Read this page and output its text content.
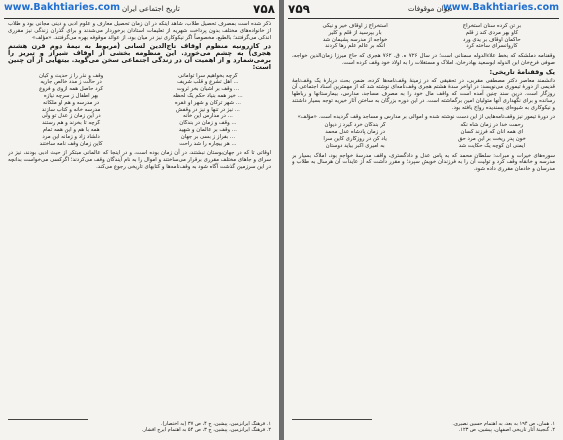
۷۵۸
تاریخ اجتماعی ایران
www.Bakhtiaries.com

ذکر شده است بمصرف تحصیل طلاب، شاهد اینکه در آن زمان تحصیل معارف و علوم ادبی و دینی مجانی بود و طلاب از خانواده‌های مختلف بدون پرداخت شهریه از تعلیمات استادان برخوردار می‌شدند و برای گذران زندگی نیز مقرری اندکی می‌گرفتند؛ بالطبع، مخصوصاً اگر نیکوکاری نیز در میان بود، از عوائد موقوفه بهره می‌گرفتند. «مؤلف»

در کازرونیه منظوم اوقاف تاج‌الدین لسانی (مربوط به نیمهٔ دوم قرن هشتم هجری) به چشم می‌خورد. این منظومه بخشی از اوقاف شیراز و تبریز را برمی‌شمارد و از اهمیت آن در زندگی اجتماعی سخن می‌گوید. بیتهایی از آن چنین است:

گرچه بخواهیم سرا توامانی
وقف و نذر را ز حدیث و کیان
... اهل تشرع و قلب شریف
در حالت ز مدد خالص جاریه
... وقف بر آشیان بخر ثروت
کرد حاصل همه ازوی و فروع
... خیر همه بنیاد حکم یک لحظه
بهر اطفال ز سرچه نیازه
... شهر ترکان و شهر او غفره
در مدرسه و هم او ملکانه
... نیز در تنها و نیز در وقفش
مدرسه خانه و کتاب سازند
... در مدارس این خانه
در این زمان ز عدل تو ولی
... وقف و زمان در بندگان
گرچه تا بخرند و هم رستند
... وقف بر عالمان و شهید
همه با هم و این همه تمام
... بفراز ز بسی بر جهان
دلشاد زاد و زمانه این مرد
... هر بیچاره را شد راحت
کاین زمان وقف نامه ساختند

اوقاتی تا که در جهان‌بوستان نبشتند، در آن زمان بوده است، و در اینجا که عالمانی مبتکر از حیث ادبی بودند، نیز در سرای و جاهای مختلف مقرری برقرار می‌ساختند و اموال را به نام آیندگان وقف می‌کردند؛ اگرکسی می‌خواست بدانچه در این سرزمین گذشت آگاه شود به وقف‌نامه‌ها و کتابهای تاریخی رجوع می‌کند.

۱. فرهنگ ایرانزمین، پیشین، ج ۴، ص ۳۷ (به اختصار).
۲. فرهنگ ایرانزمین، پیشین، ج ۳، ص ۵۴ به اهتمام ایرج افشار.
www.Bakhtiaries.com
دیوان موقوفات
۷۵۹
بر تن کرده سنان استخراج
استخراج ز اوقاف خیر و نیکی
کاو بهر مردی کند ز قلم
بار بپرسید از قلم و کلیر
حاکمان اوقاف بر یدی ورد
خواجه از مدرسه پشیمان شد
کاروانسرای ساخته کرد
آنکه بر عالم علم رها کردند

وقفنامه دملشکه که بخط علاءالدوله سمنانی است؛ در سال ۷۲۶ ه. ق. ۷۶۲ هجری که حاج میرزا زمان‌الدین خواجه، صوفی فرخ‌خان ابن الدوله ابوسعید بهادرخان، املاک و مستغلات را به اولاد خود وقف کرده است.

یک وقفنامهٔ تاریخی:

دانشمند معاصر دکتر مصطفی مقربی، در تحقیقی که در زمینهٔ وقف‌نامه‌ها کرده، ضمن بحث دربارهٔ یک وقف‌نامهٔ قدیمی از دورهٔ تیموری می‌نویسد: در اواخر سدهٔ هشتم هجری وقف‌نامه‌ای نوشته شد که از مهمترین اسناد اجتماعی آن روزگار است. درین سند چنین آمده است که واقف مال خود را به مصرف مساجد، مدارس، بیمارستانها و رباطها رسانده و برای نگهداری آنها متولیان امین برگماشته است. در این دوره بزرگان به ساختن آثار خیریه توجه بسیار داشتند و نیکوکاری به شیوه‌ای پسندیده رواج یافته بود.

در دورهٔ تیمور نیز وقف‌نامه‌هایی از این دست نوشته شده و اموالی بر مدارس و مساجد وقف گردیده است. «مؤلف»

رحمت خدا در زمان شاه نگه
گر بندگان خرد گیرد ز دیوان
ای همه آنان گه فرزند کسان
در زمان پادشاه عدل محمد
خون پدر ریخت بر این مرد حق
یاد کن در روزگاری کاین سرا
ایمنی آن کوچه یک حکایت شد
به امیری اکبر بیاید دوستان

سوره‌های خیرات و مبرات: سلطان محمد که به پاس عدل و دادگستری، واقف مدرسهٔ خواجه بود، املاک بسیار بر مدرسه و خانقاه وقف کرد و تولیت آن را به فرزندان خویش سپرد؛ و مقرر داشت که از عایدات آن هرسال به طلاب و مدرسان و خادمان مقرری داده شود.

۱. همان، ص ۱۹۴ به بعد، به اهتمام حسین نصیری.
۲. گنجینهٔ آثار تاریخی اصفهان، پیشین، ص ۱۲۳.
